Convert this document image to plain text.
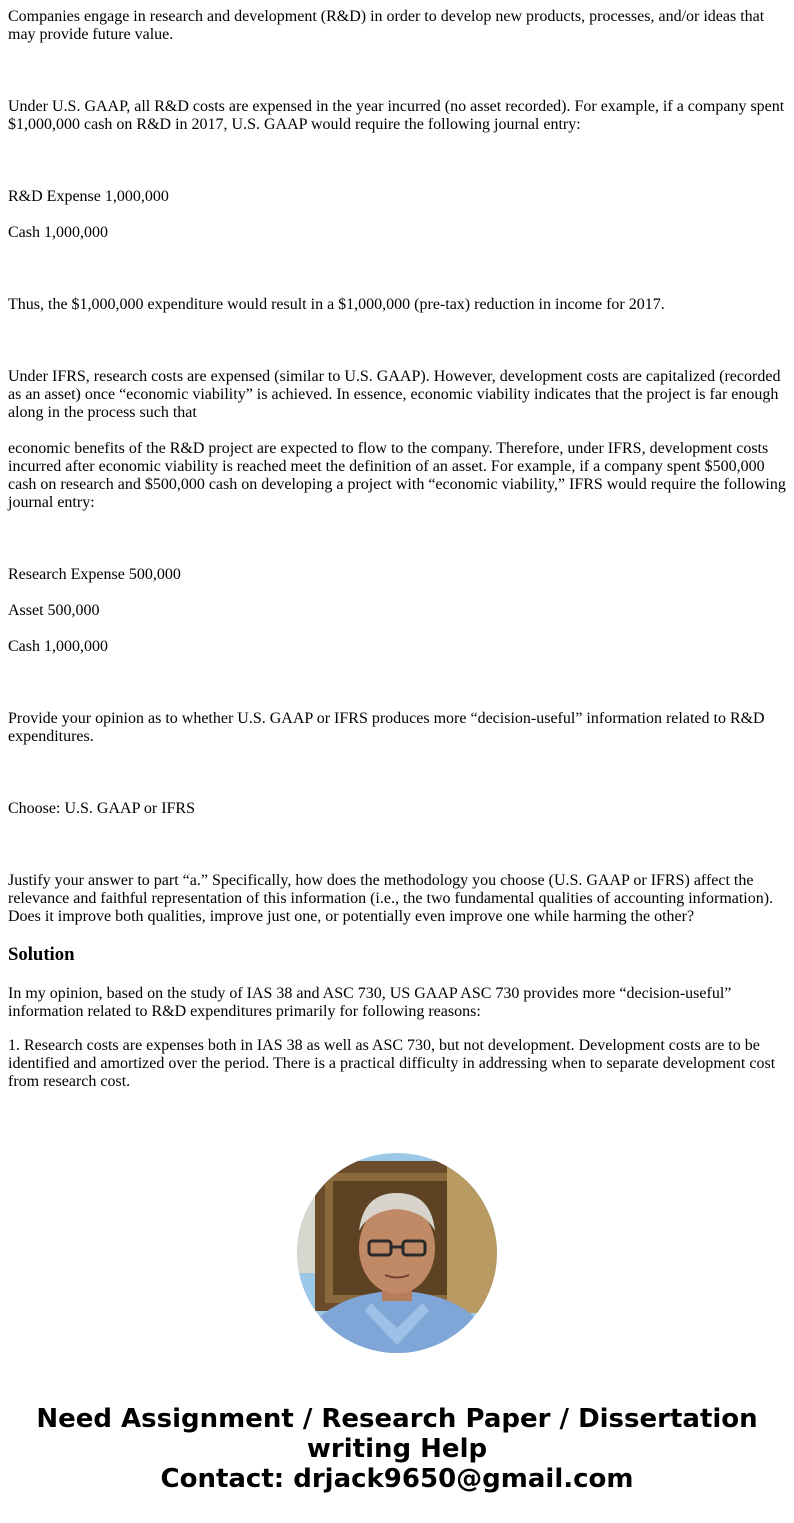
Companies engage in research and development (R&D) in order to develop new products, processes, and/or ideas that may provide future value.

Under U.S. GAAP, all R&D costs are expensed in the year incurred (no asset recorded). For example, if a company spent $1,000,000 cash on R&D in 2017, U.S. GAAP would require the following journal entry:

R&D Expense 1,000,000

Cash 1,000,000

Thus, the $1,000,000 expenditure would result in a $1,000,000 (pre-tax) reduction in income for 2017.

Under IFRS, research costs are expensed (similar to U.S. GAAP). However, development costs are capitalized (recorded as an asset) once “economic viability” is achieved. In essence, economic viability indicates that the project is far enough along in the process such that

economic benefits of the R&D project are expected to flow to the company. Therefore, under IFRS, development costs incurred after economic viability is reached meet the definition of an asset. For example, if a company spent $500,000 cash on research and $500,000 cash on developing a project with “economic viability,” IFRS would require the following journal entry:

Research Expense 500,000

Asset 500,000

Cash 1,000,000

Provide your opinion as to whether U.S. GAAP or IFRS produces more “decision-useful” information related to R&D expenditures.

Choose: U.S. GAAP or IFRS

Justify your answer to part “a.” Specifically, how does the methodology you choose (U.S. GAAP or IFRS) affect the relevance and faithful representation of this information (i.e., the two fundamental qualities of accounting information). Does it improve both qualities, improve just one, or potentially even improve one while harming the other?

Solution

In my opinion, based on the study of IAS 38 and ASC 730, US GAAP ASC 730 provides more “decision-useful” information related to R&D expenditures primarily for following reasons:

1. Research costs are expenses both in IAS 38 as well as ASC 730, but not development. Development costs are to be identified and amortized over the period. There is a practical difficulty in addressing when to separate development cost from research cost.

Need Assignment / Research Paper / Dissertation
writing Help
Contact: drjack9650@gmail.com
